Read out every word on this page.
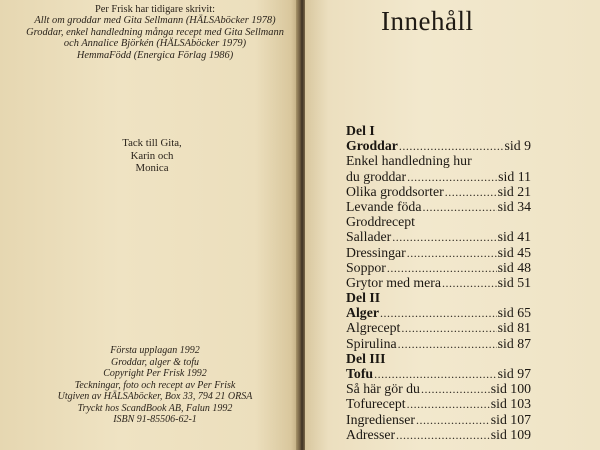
Per Frisk har tidigare skrivit:
Allt om groddar med Gita Sellmann (HÄLSAböcker 1978)
Groddar, enkel handledning många recept med Gita Sellmann
och Annalice Björkén (HÄLSAböcker 1979)
HemmaFödd (Energica Förlag 1986)
Tack till Gita,
Karin och
Monica
Första upplagan 1992
Groddar, alger & tofu
Copyright Per Frisk 1992
Teckningar, foto och recept av Per Frisk
Utgiven av HÄLSAböcker, Box 33, 794 21 ORSA
Tryckt hos ScandBook AB, Falun 1992
ISBN 91-85506-62-1
Innehåll
Del I
Groddar .....	sid 9
Enkel handledning hur
du groddar .....	sid 11
Olika groddsorter .....	sid 21
Levande föda .....	sid 34
Groddrecept
Sallader .....	sid 41
Dressingar .....	sid 45
Soppor .....	sid 48
Grytor med mera .....	sid 51
Del II
Alger .....	sid 65
Algrecept .....	sid 81
Spirulina .....	sid 87
Del III
Tofu .....	sid 97
Så här gör du .....	sid 100
Tofurecept .....	sid 103
Ingredienser .....	sid 107
Adresser .....	sid 109
